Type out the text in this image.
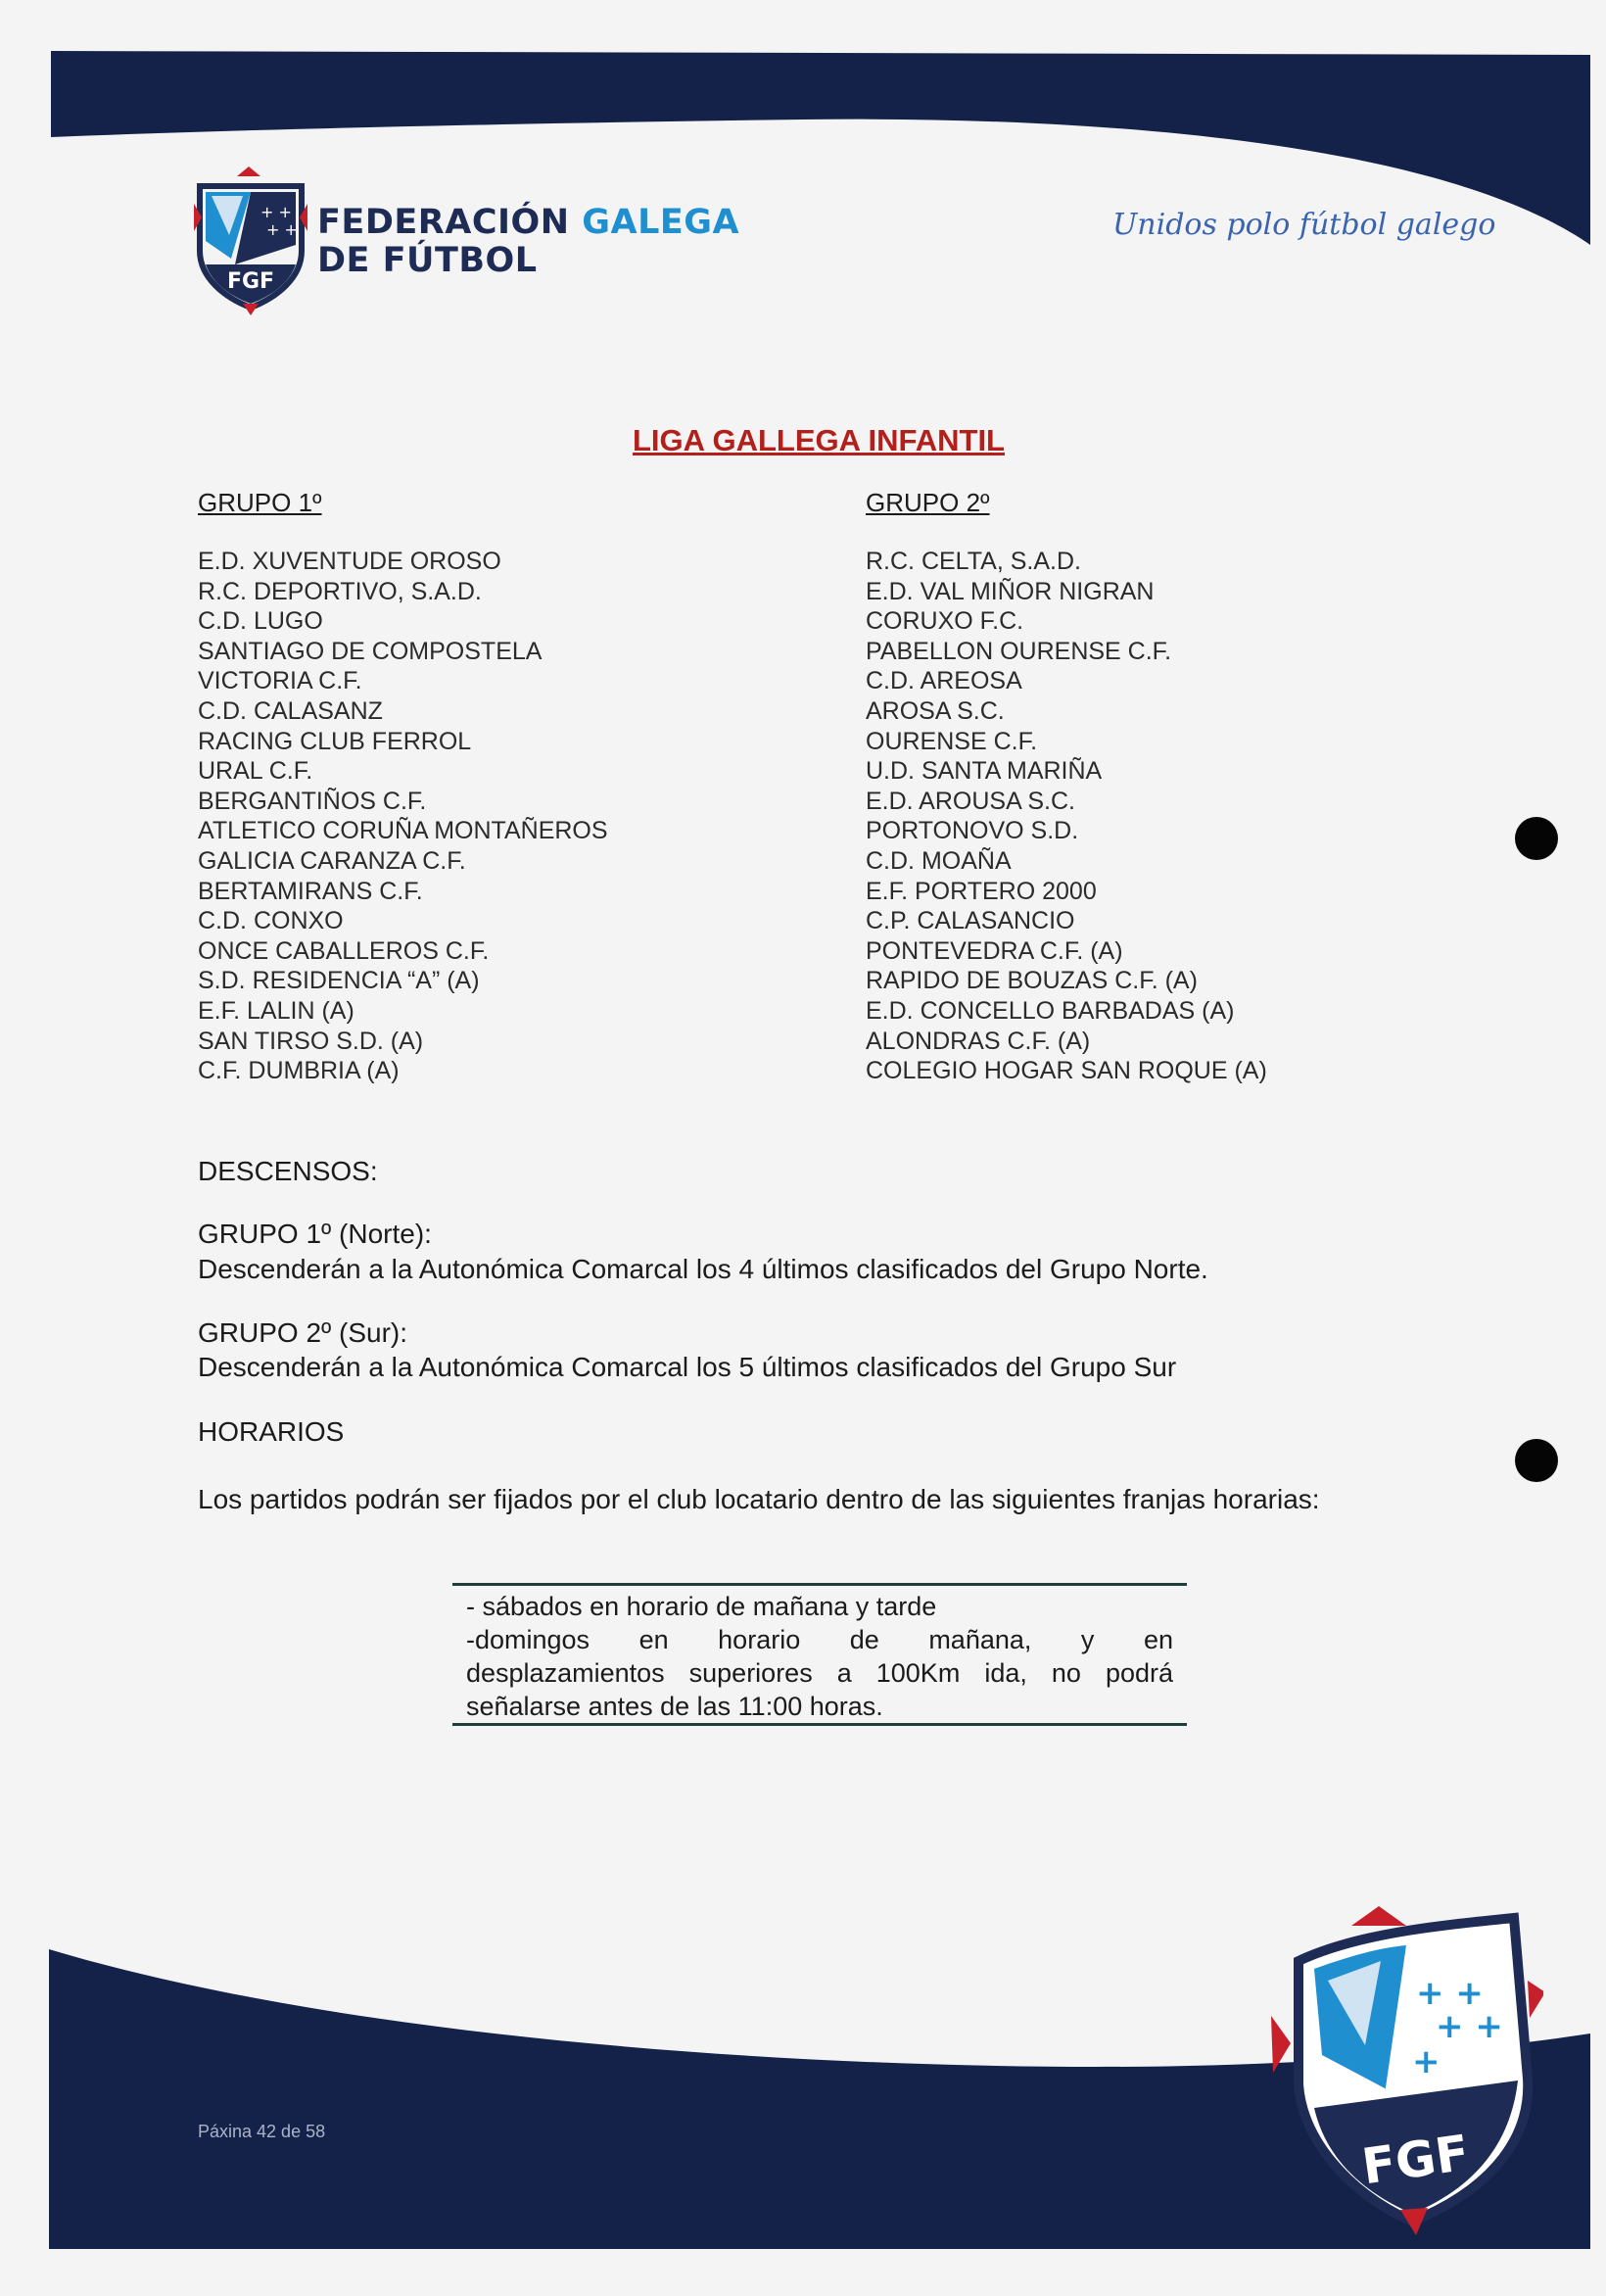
+ +
+ +
FGF
FEDERACIÓN GALEGA
DE FÚTBOL
Unidos polo fútbol galego
LIGA GALLEGA INFANTIL
GRUPO 1º	GRUPO 2º
E.D. XUVENTUDE OROSO
R.C. DEPORTIVO, S.A.D.
C.D. LUGO
SANTIAGO DE COMPOSTELA
VICTORIA C.F.
C.D. CALASANZ
RACING CLUB FERROL
URAL C.F.
BERGANTIÑOS C.F.
ATLETICO CORUÑA MONTAÑEROS
GALICIA CARANZA C.F.
BERTAMIRANS C.F.
C.D. CONXO
ONCE CABALLEROS C.F.
S.D. RESIDENCIA “A” (A)
E.F. LALIN (A)
SAN TIRSO S.D. (A)
C.F. DUMBRIA (A)
R.C. CELTA, S.A.D.
E.D. VAL MIÑOR NIGRAN
CORUXO F.C.
PABELLON OURENSE C.F.
C.D. AREOSA
AROSA S.C.
OURENSE C.F.
U.D. SANTA MARIÑA
E.D. AROUSA S.C.
PORTONOVO S.D.
C.D. MOAÑA
E.F. PORTERO 2000
C.P. CALASANCIO
PONTEVEDRA C.F. (A)
RAPIDO DE BOUZAS C.F. (A)
E.D. CONCELLO BARBADAS (A)
ALONDRAS C.F. (A)
COLEGIO HOGAR SAN ROQUE (A)
DESCENSOS:
GRUPO 1º (Norte):
Descenderán a la Autonómica Comarcal los 4 últimos clasificados del Grupo Norte.
GRUPO 2º (Sur):
Descenderán a la Autonómica Comarcal los 5 últimos clasificados del Grupo Sur
HORARIOS
Los partidos podrán ser fijados por el club locatario dentro de las siguientes franjas horarias:
- sábados en horario de mañana y tarde
-domingos en horario de mañana, y en
desplazamientos superiores a 100Km ida, no podrá
señalarse antes de las 11:00 horas.
Páxina 42 de 58
+ +
+ +
+
FGF
